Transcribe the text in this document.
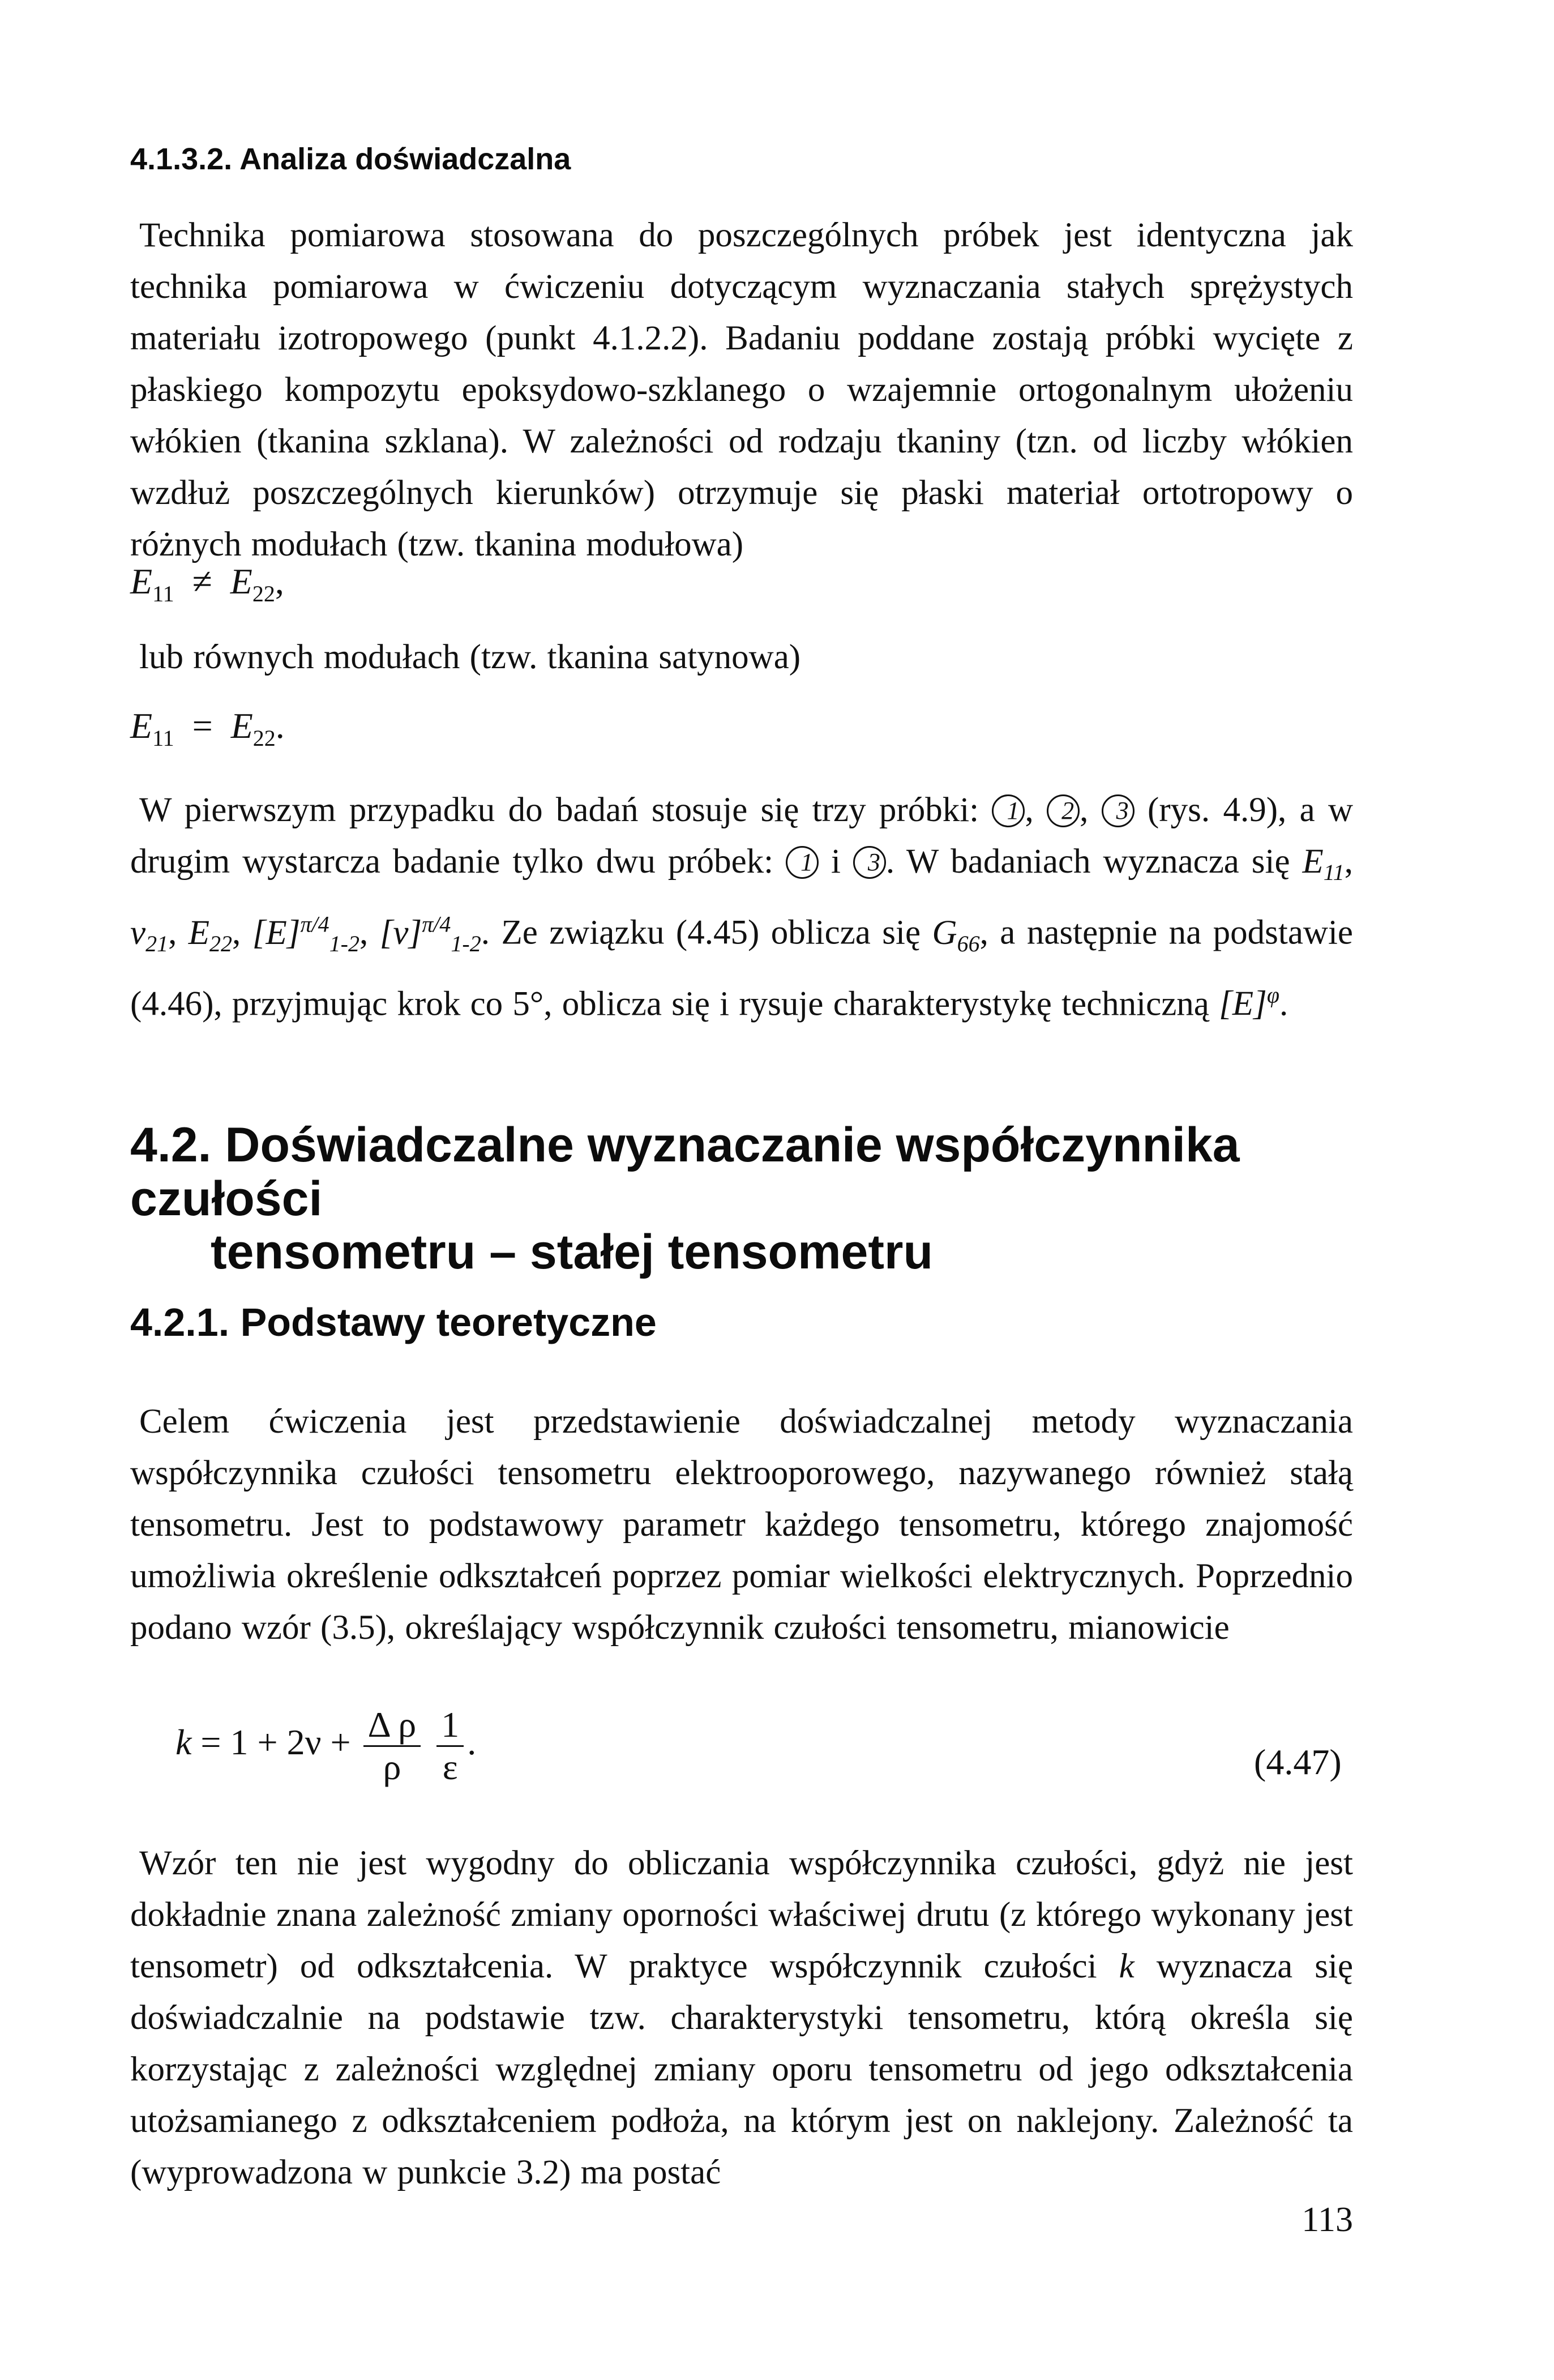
4.1.3.2. Analiza doświadczalna

Technika pomiarowa stosowana do poszczególnych próbek jest identyczna jak technika pomiarowa w ćwiczeniu dotyczącym wyznaczania stałych sprężystych materiału izotropowego (punkt 4.1.2.2). Badaniu poddane zostają próbki wycięte z płaskiego kompozytu epoksydowo-szklanego o wzajemnie ortogonalnym ułożeniu włókien (tkanina szklana). W zależności od rodzaju tkaniny (tzn. od liczby włókien wzdłuż poszczególnych kierunków) otrzymuje się płaski materiał ortotropowy o różnych modułach (tzw. tkanina modułowa)

$E_{11} \ne E_{22}$,

lub równych modułach (tzw. tkanina satynowa)

$E_{11} = E_{22}$.

W pierwszym przypadku do badań stosuje się trzy próbki: 1 , 2 , 3 (rys. 4.9), a w drugim wystarcza badanie tylko dwu próbek: 1 i 3 . W badaniach wyznacza się $E_{11}$, $\nu_{21}$, $E_{22}$, $[E]^{\pi/4}_{1-2}$, $[\nu]^{\pi/4}_{1-2}$. Ze związku (4.45) oblicza się $G_{66}$, a następnie na podstawie (4.46), przyjmując krok co 5°, oblicza się i rysuje charakterystykę techniczną $[E]^\varphi$.

4.2. Doświadczalne wyznaczanie współczynnika czułości
tensometru – stałej tensometru
4.2.1. Podstawy teoretyczne

Celem ćwiczenia jest przedstawienie doświadczalnej metody wyznaczania współczynnika czułości tensometru elektrooporowego, nazywanego również stałą tensometru. Jest to podstawowy parametr każdego tensometru, którego znajomość umożliwia określenie odkształceń poprzez pomiar wielkości elektrycznych. Poprzednio podano wzór (3.5), określający współczynnik czułości tensometru, mianowicie

$k = 1 + 2\nu + \frac{\text{Δ ρ}}{\rho}$
$\frac{1}{\varepsilon}$ .	(4.47)

Wzór ten nie jest wygodny do obliczania współczynnika czułości, gdyż nie jest dokładnie znana zależność zmiany oporności właściwej drutu (z którego wykonany jest tensometr) od odkształcenia. W praktyce współczynnik czułości k wyznacza się doświadczalnie na podstawie tzw. charakterystyki tensometru, którą określa się korzystając z zależności względnej zmiany oporu tensometru od jego odkształcenia utożsamianego z odkształceniem podłoża, na którym jest on naklejony. Zależność ta (wyprowadzona w punkcie 3.2) ma postać

113
